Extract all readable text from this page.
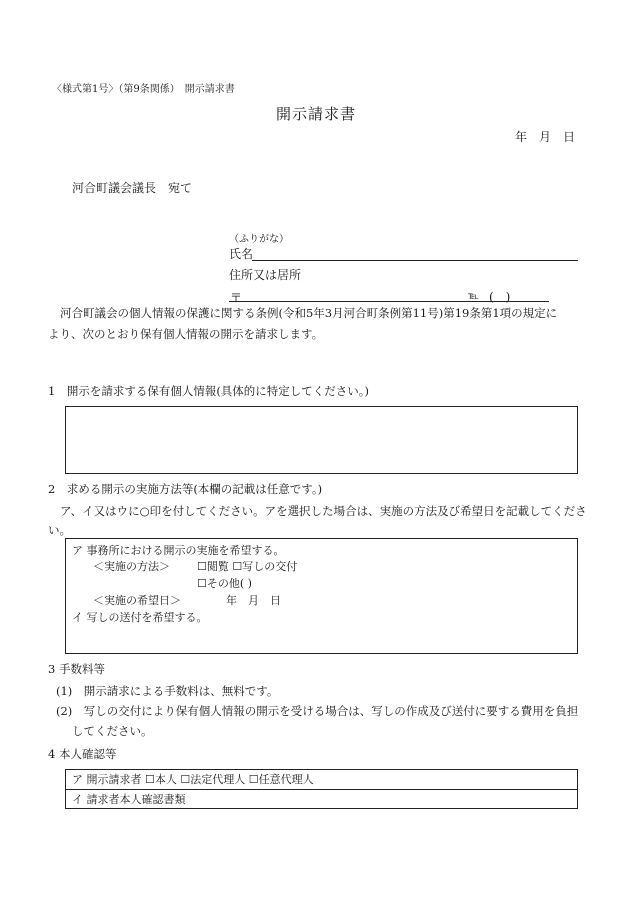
〈様式第1号〉（第9条関係）　開示請求書
開示請求書
年　月　日
河合町議会議長　宛て
（ふりがな）
氏名
住所又は居所
〒	℡ (　)
河合町議会の個人情報の保護に関する条例(令和5年3月河合町条例第11号)第19条第1項の規定に
より、次のとおり保有個人情報の開示を請求します。
1　開示を請求する保有個人情報(具体的に特定してください。)
2　求める開示の実施方法等(本欄の記載は任意です。)
ア、イ又はウに○印を付してください。アを選択した場合は、実施の方法及び希望日を記載してくださ
い。
ア 事務所における開示の実施を希望する。
＜実施の方法＞ ☐閲覧 ☐写しの交付
☐その他( )
＜実施の希望日＞	年　月　日
イ 写しの送付を希望する。
3 手数料等
(1)　開示請求による手数料は、無料です。
(2)　写しの交付により保有個人情報の開示を受ける場合は、写しの作成及び送付に要する費用を負担
してください。
4 本人確認等
ア 開示請求者 ☐本人 ☐法定代理人 ☐任意代理人
イ 請求者本人確認書類
